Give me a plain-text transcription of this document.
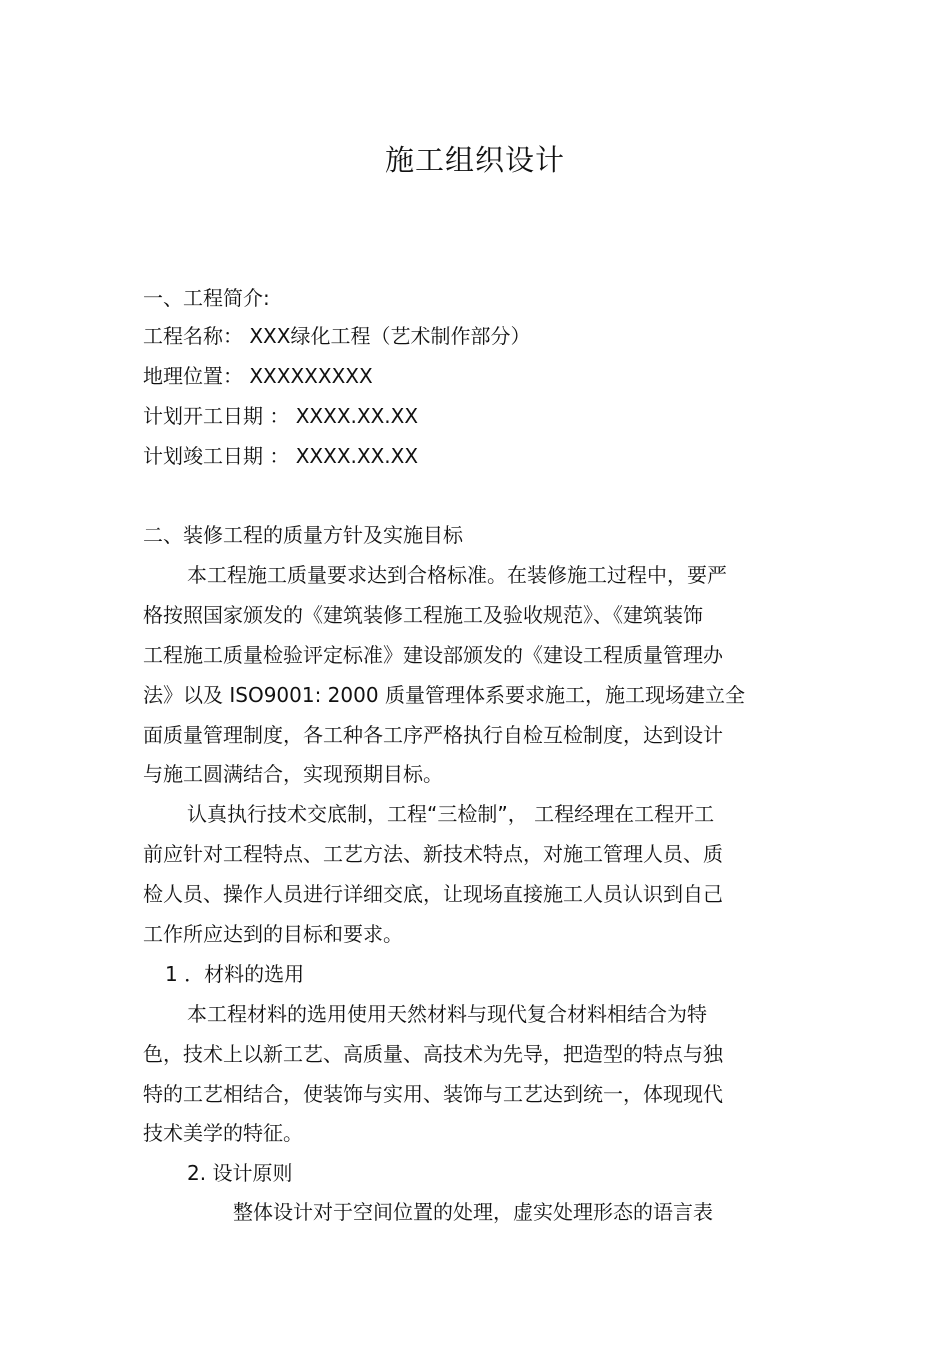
施工组织设计
一、工程简介:
工程名称： XXX绿化工程（艺术制作部分）
地理位置： XXXXXXXXX
计划开工日期 ： XXXX.XX.XX
计划竣工日期 ： XXXX.XX.XX
二、装修工程的质量方针及实施目标
本工程施工质量要求达到合格标准。在装修施工过程中，要严
格按照国家颁发的《建筑装修工程施工及验收规范》、《建筑装饰
工程施工质量检验评定标准》建设部颁发的《建设工程质量管理办
法》以及 ISO9001: 2000 质量管理体系要求施工，施工现场建立全
面质量管理制度，各工种各工序严格执行自检互检制度，达到设计
与施工圆满结合，实现预期目标。
认真执行技术交底制，工程“三检制”， 工程经理在工程开工
前应针对工程特点、工艺方法、新技术特点，对施工管理人员、质
检人员、操作人员进行详细交底，让现场直接施工人员认识到自己
工作所应达到的目标和要求。
1 ．材料的选用
本工程材料的选用使用天然材料与现代复合材料相结合为特
色，技术上以新工艺、高质量、高技术为先导，把造型的特点与独
特的工艺相结合，使装饰与实用、装饰与工艺达到统一，体现现代
技术美学的特征。
2. 设计原则
整体设计对于空间位置的处理，虚实处理形态的语言表
